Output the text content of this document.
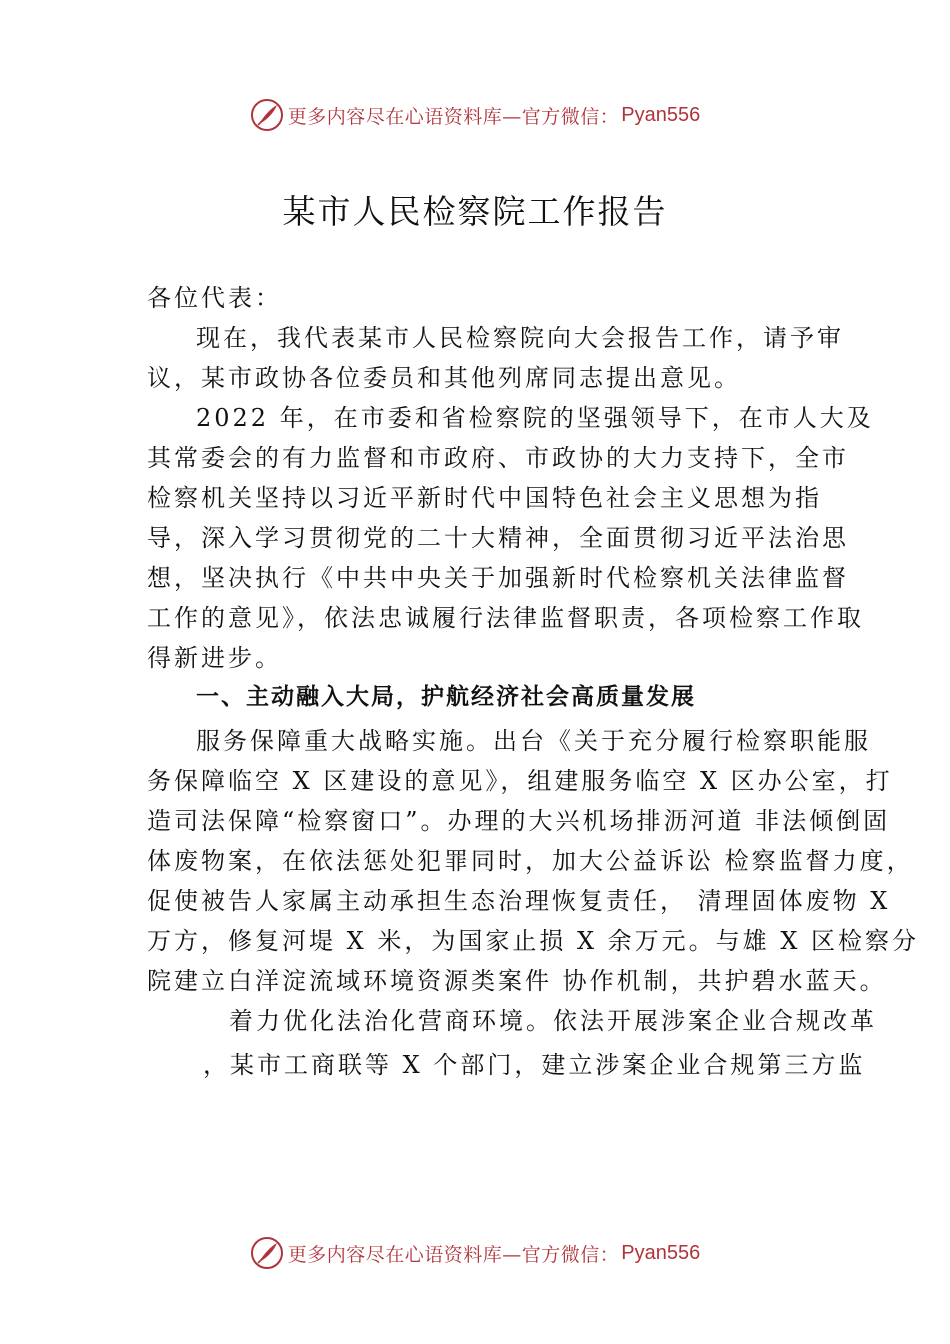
更多内容尽在心语资料库—官方微信： Pyan556
某市人民检察院工作报告
各位代表：
现在，我代表某市人民检察院向大会报告工作，请予审
议，某市政协各位委员和其他列席同志提出意见。
2022 年，在市委和省检察院的坚强领导下，在市人大及
其常委会的有力监督和市政府、市政协的大力支持下，全市
检察机关坚持以习近平新时代中国特色社会主义思想为指
导，深入学习贯彻党的二十大精神，全面贯彻习近平法治思
想，坚决执行《中共中央关于加强新时代检察机关法律监督
工作的意见》，依法忠诚履行法律监督职责，各项检察工作取
得新进步。
一、主动融入大局，护航经济社会高质量发展
服务保障重大战略实施。出台《关于充分履行检察职能服
务保障临空 X 区建设的意见》，组建服务临空 X 区办公室，打
造司法保障“检察窗口”。办理的大兴机场排沥河道 非法倾倒固
体废物案，在依法惩处犯罪同时，加大公益诉讼 检察监督力度，
促使被告人家属主动承担生态治理恢复责任， 清理固体废物 X
万方，修复河堤 X 米，为国家止损 X 余万元。与雄 X 区检察分
院建立白洋淀流域环境资源类案件 协作机制，共护碧水蓝天。
着力优化法治化营商环境。依法开展涉案企业合规改革
，某市工商联等 X 个部门，建立涉案企业合规第三方监
更多内容尽在心语资料库—官方微信： Pyan556
